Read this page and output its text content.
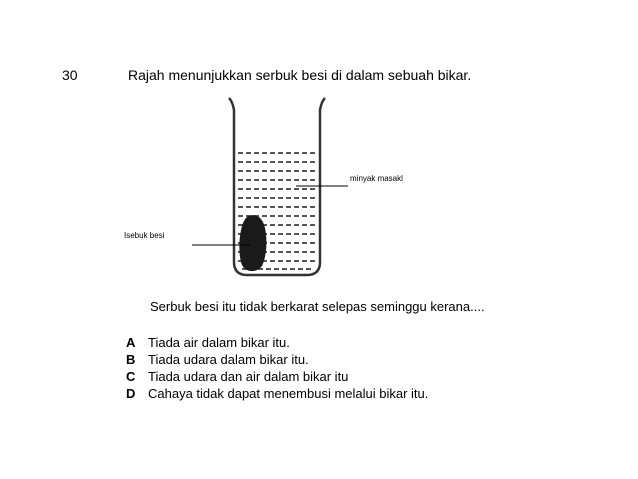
30	Rajah menunjukkan serbuk besi di dalam sebuah bikar.
minyak masakl
Isebuk besi
Serbuk besi itu tidak berkarat selepas seminggu kerana....
A Tiada air dalam bikar itu.
B Tiada udara dalam bikar itu.
C Tiada udara dan air dalam bikar itu
D Cahaya tidak dapat menembusi melalui bikar itu.
